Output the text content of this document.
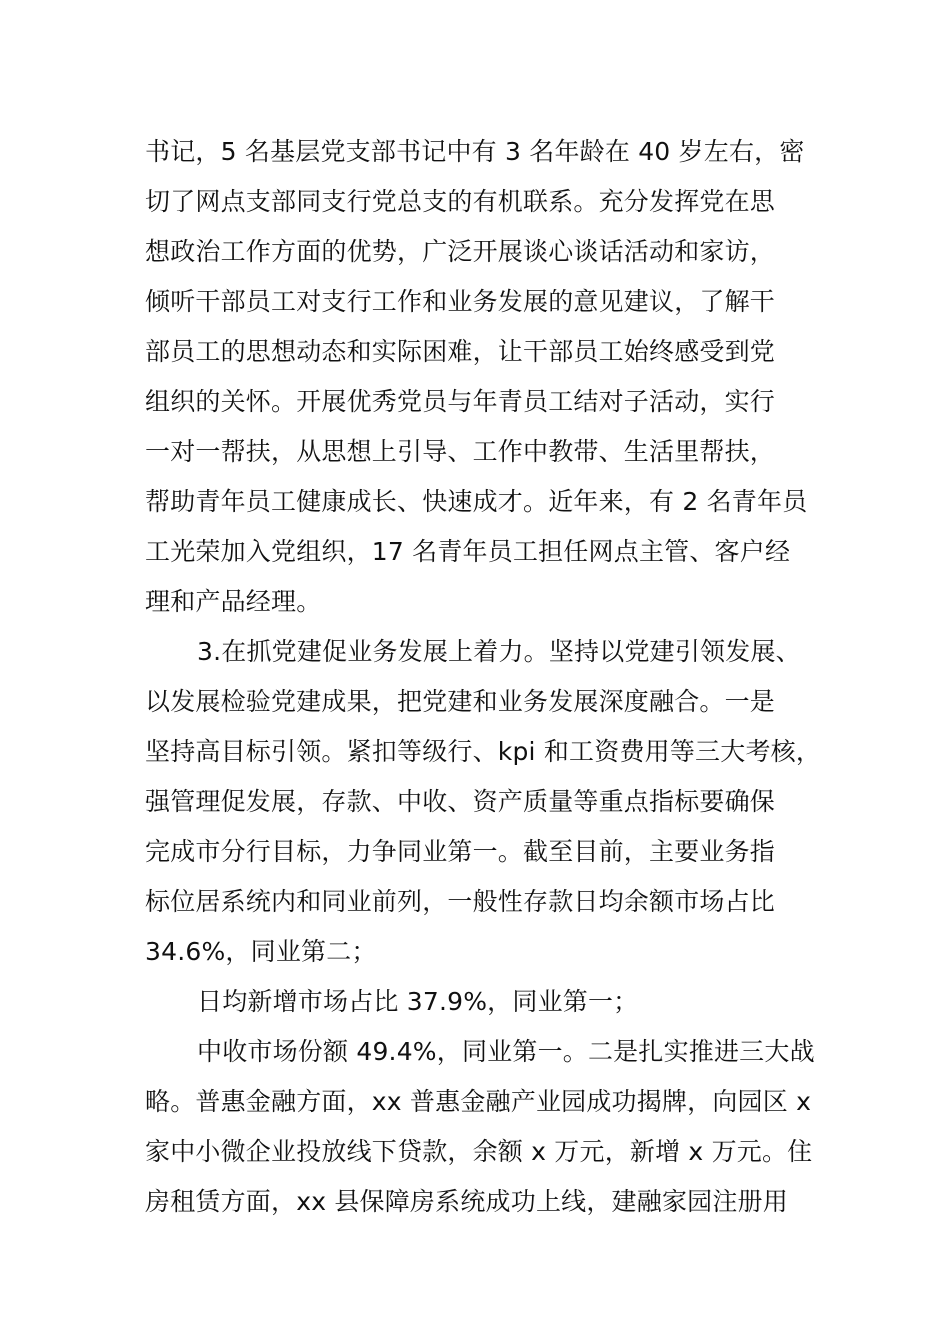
书记，5 名基层党支部书记中有 3 名年龄在 40 岁左右，密
切了网点支部同支行党总支的有机联系。充分发挥党在思
想政治工作方面的优势，广泛开展谈心谈话活动和家访，
倾听干部员工对支行工作和业务发展的意见建议，了解干
部员工的思想动态和实际困难，让干部员工始终感受到党
组织的关怀。开展优秀党员与年青员工结对子活动，实行
一对一帮扶，从思想上引导、工作中教带、生活里帮扶，
帮助青年员工健康成长、快速成才。近年来，有 2 名青年员
工光荣加入党组织，17 名青年员工担任网点主管、客户经
理和产品经理。
3.在抓党建促业务发展上着力。坚持以党建引领发展、
以发展检验党建成果，把党建和业务发展深度融合。一是
坚持高目标引领。紧扣等级行、kpi 和工资费用等三大考核，
强管理促发展，存款、中收、资产质量等重点指标要确保
完成市分行目标，力争同业第一。截至目前，主要业务指
标位居系统内和同业前列，一般性存款日均余额市场占比
34.6%，同业第二；
日均新增市场占比 37.9%，同业第一；
中收市场份额 49.4%，同业第一。二是扎实推进三大战
略。普惠金融方面，xx 普惠金融产业园成功揭牌，向园区 x
家中小微企业投放线下贷款，余额 x 万元，新增 x 万元。住
房租赁方面，xx 县保障房系统成功上线，建融家园注册用
